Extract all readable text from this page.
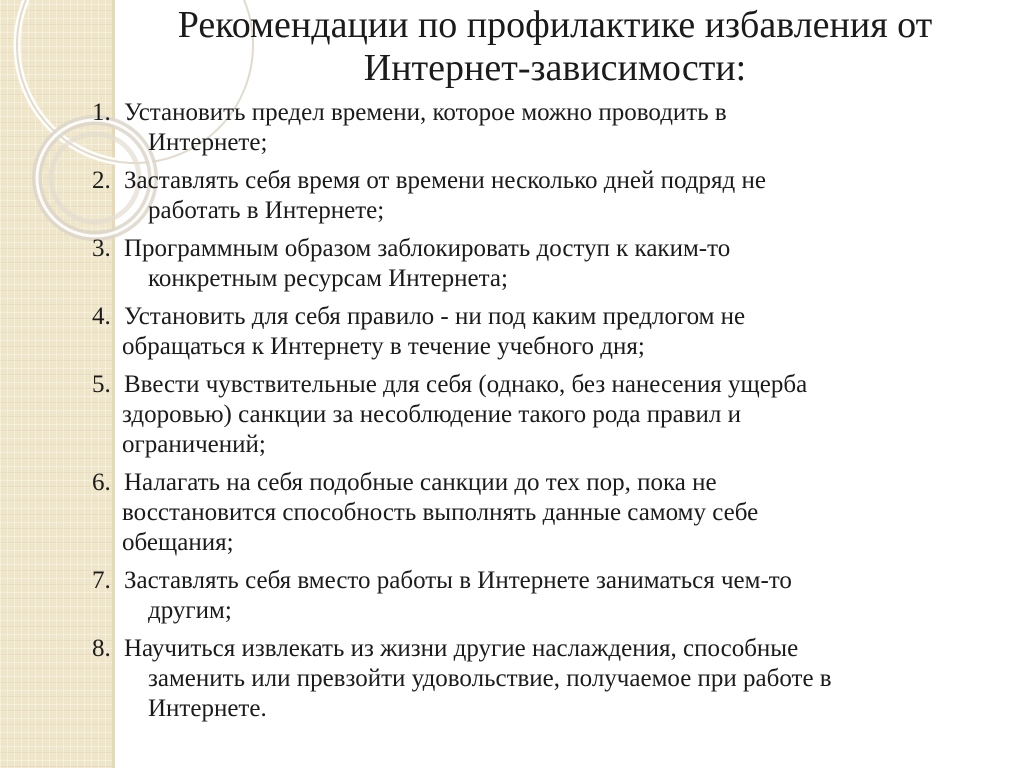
Рекомендации по профилактике избавления от
Интернет-зависимости:
1. Установить предел времени, которое можно проводить в
Интернете;
2. Заставлять себя время от времени несколько дней подряд не
работать в Интернете;
3. Программным образом заблокировать доступ к каким-то
конкретным ресурсам Интернета;
4. Установить для себя правило - ни под каким предлогом не
обращаться к Интернету в течение учебного дня;
5. Ввести чувствительные для себя (однако, без нанесения ущерба
здоровью) санкции за несоблюдение такого рода правил и
ограничений;
6. Налагать на себя подобные санкции до тех пор, пока не
восстановится способность выполнять данные самому себе
обещания;
7. Заставлять себя вместо работы в Интернете заниматься чем-то
другим;
8. Научиться извлекать из жизни другие наслаждения, способные
заменить или превзойти удовольствие, получаемое при работе в
Интернете.
